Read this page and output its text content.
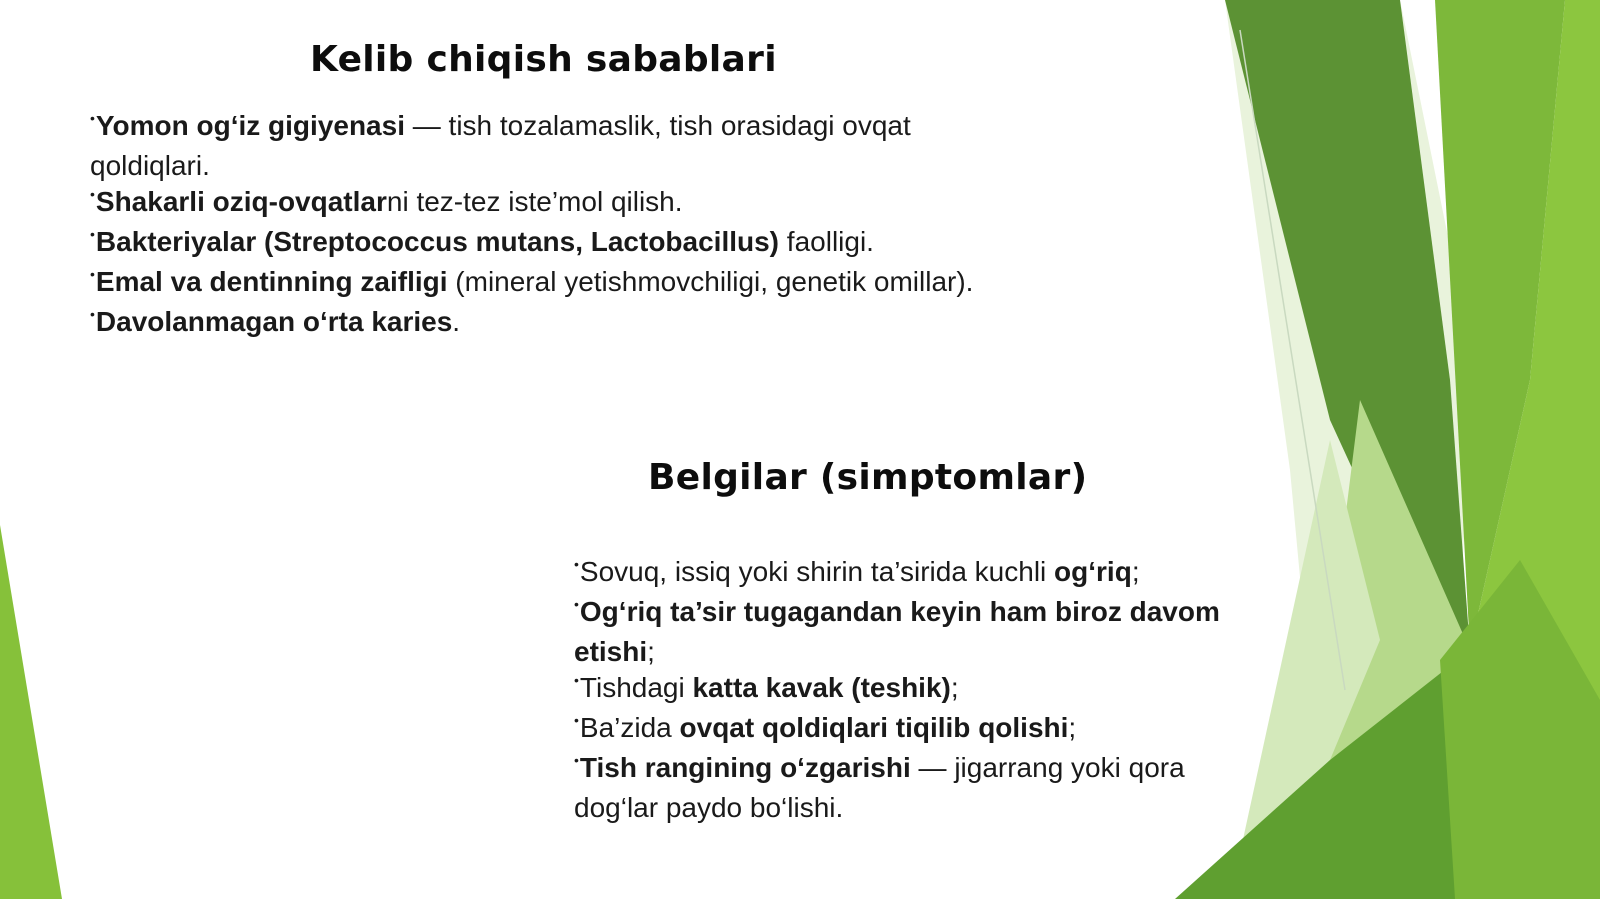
Kelib chiqish sabablari
•Yomon og‘iz gigiyenasi — tish tozalamaslik, tish orasidagi ovqat qoldiqlari.
•Shakarli oziq-ovqatlarni tez-tez iste’mol qilish.
•Bakteriyalar (Streptococcus mutans, Lactobacillus) faolligi.
•Emal va dentinning zaifligi (mineral yetishmovchiligi, genetik omillar).
•Davolanmagan o‘rta karies.
Belgilar (simptomlar)
•Sovuq, issiq yoki shirin ta’sirida kuchli og‘riq;
•Og‘riq ta’sir tugagandan keyin ham biroz davom etishi;
•Tishdagi katta kavak (teshik);
•Ba’zida ovqat qoldiqlari tiqilib qolishi;
•Tish rangining o‘zgarishi — jigarrang yoki qora dog‘lar paydo bo‘lishi.
